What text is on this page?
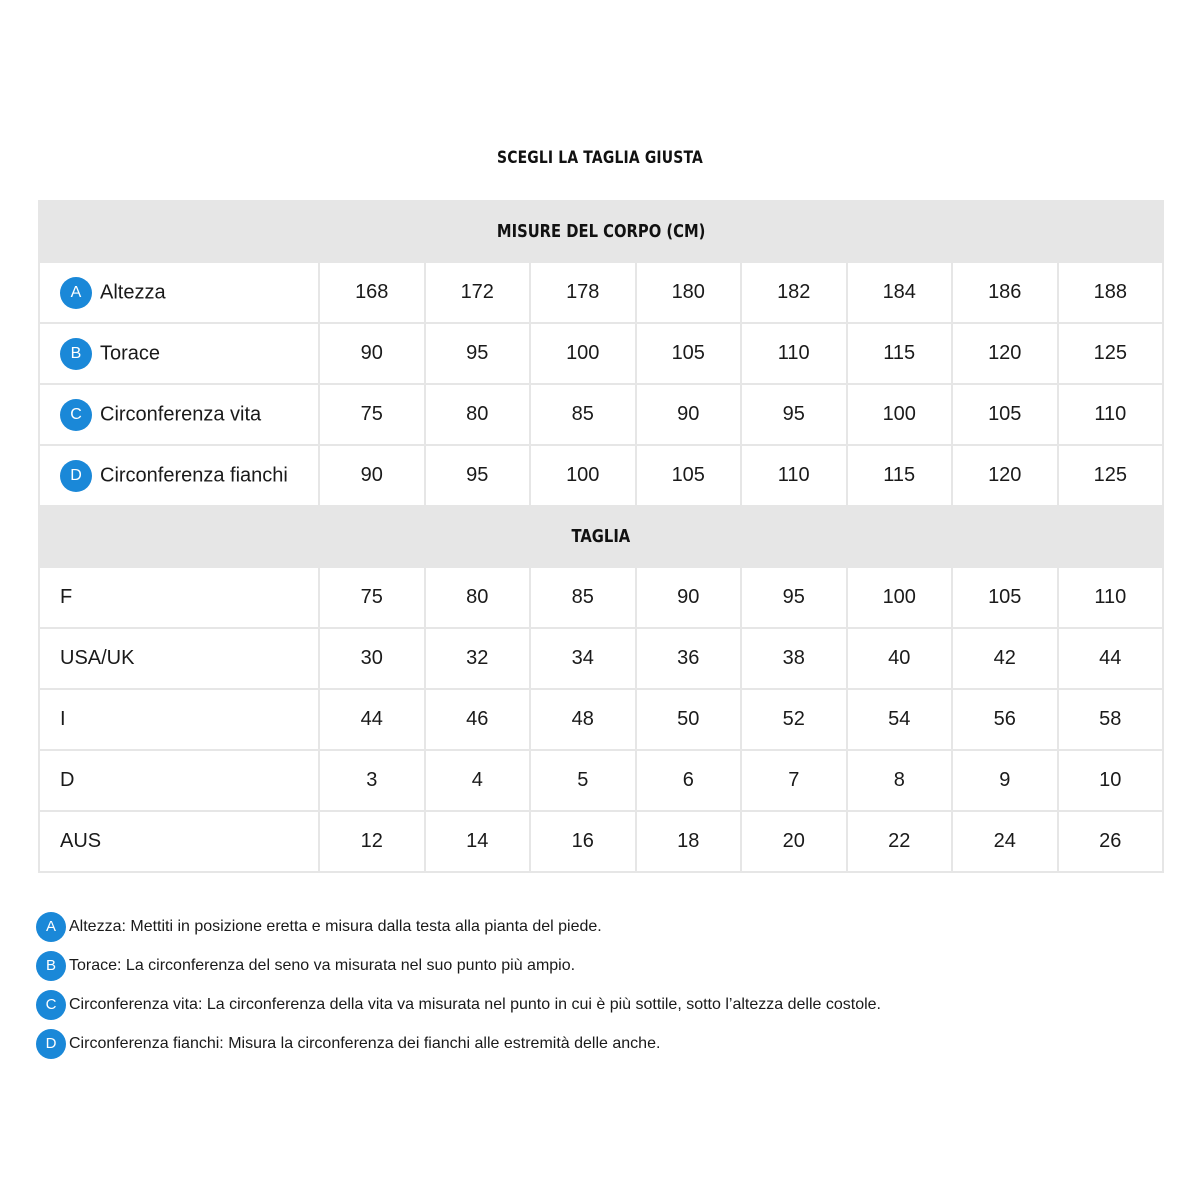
SCEGLI LA TAGLIA GIUSTA
MISURE DEL CORPO (CM)								
A Altezza	168	172	178	180	182	184	186	188
B Torace	90	95	100	105	110	115	120	125
C Circonferenza vita	75	80	85	90	95	100	105	110
D Circonferenza fianchi	90	95	100	105	110	115	120	125
TAGLIA								
F	75	80	85	90	95	100	105	110
USA/UK	30	32	34	36	38	40	42	44
I	44	46	48	50	52	54	56	58
D	3	4	5	6	7	8	9	10
AUS	12	14	16	18	20	22	24	26
A Altezza: Mettiti in posizione eretta e misura dalla testa alla pianta del piede.
B Torace: La circonferenza del seno va misurata nel suo punto più ampio.
C Circonferenza vita: La circonferenza della vita va misurata nel punto in cui è più sottile, sotto l’altezza delle costole.
D Circonferenza fianchi: Misura la circonferenza dei fianchi alle estremità delle anche.
